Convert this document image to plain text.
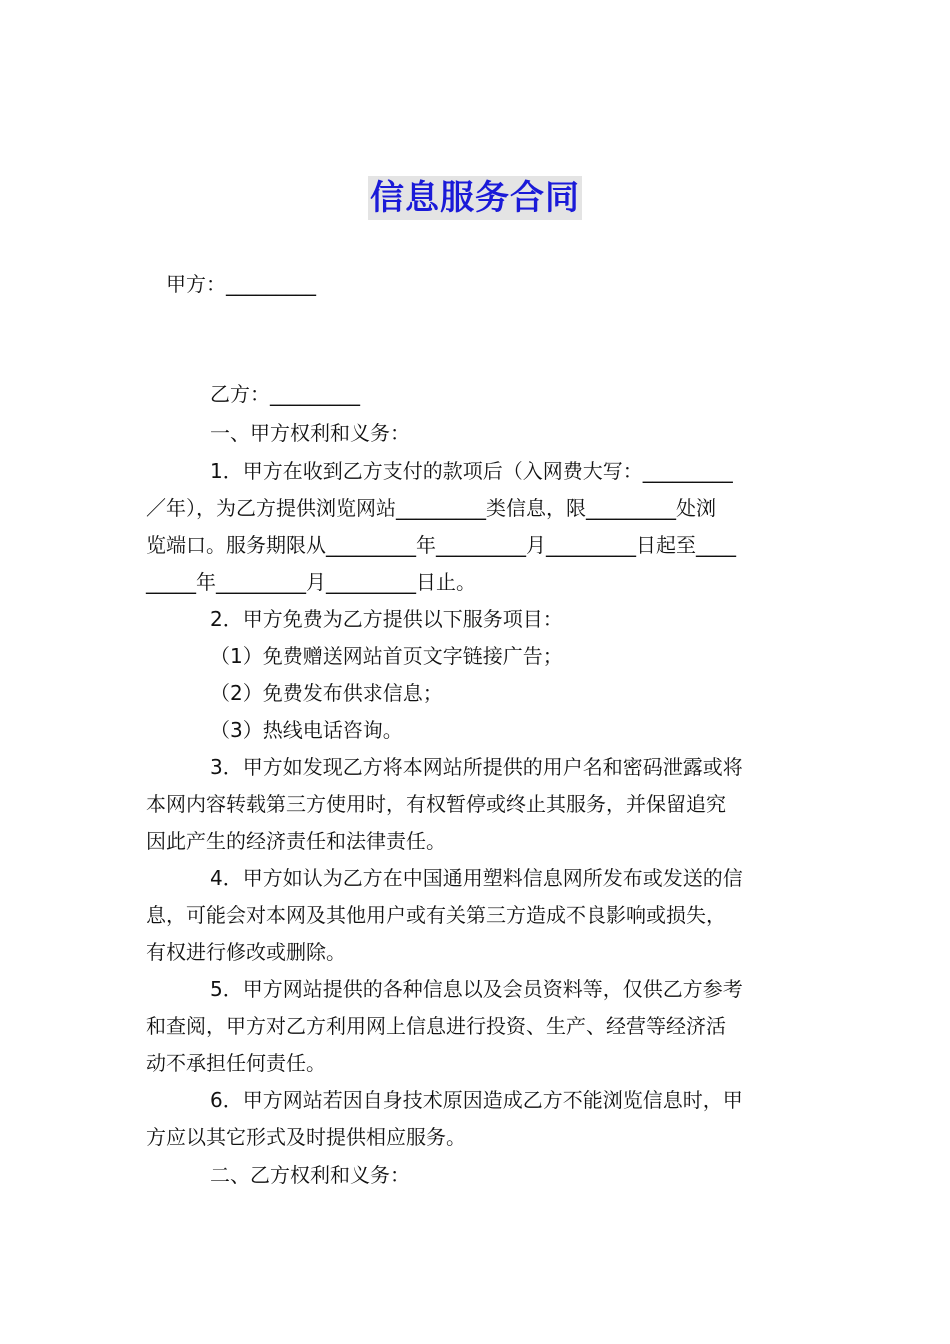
信息服务合同
甲方：_________
乙方：_________
一、甲方权利和义务：
1．甲方在收到乙方支付的款项后（入网费大写：_________
／年），为乙方提供浏览网站_________类信息，限_________处浏
览端口。服务期限从_________年_________月_________日起至____
_____年_________月_________日止。
2．甲方免费为乙方提供以下服务项目：
（1）免费赠送网站首页文字链接广告；
（2）免费发布供求信息；
（3）热线电话咨询。
3．甲方如发现乙方将本网站所提供的用户名和密码泄露或将
本网内容转载第三方使用时，有权暂停或终止其服务，并保留追究
因此产生的经济责任和法律责任。
4．甲方如认为乙方在中国通用塑料信息网所发布或发送的信
息，可能会对本网及其他用户或有关第三方造成不良影响或损失，
有权进行修改或删除。
5．甲方网站提供的各种信息以及会员资料等，仅供乙方参考
和查阅，甲方对乙方利用网上信息进行投资、生产、经营等经济活
动不承担任何责任。
6．甲方网站若因自身技术原因造成乙方不能浏览信息时，甲
方应以其它形式及时提供相应服务。
二、乙方权利和义务：
